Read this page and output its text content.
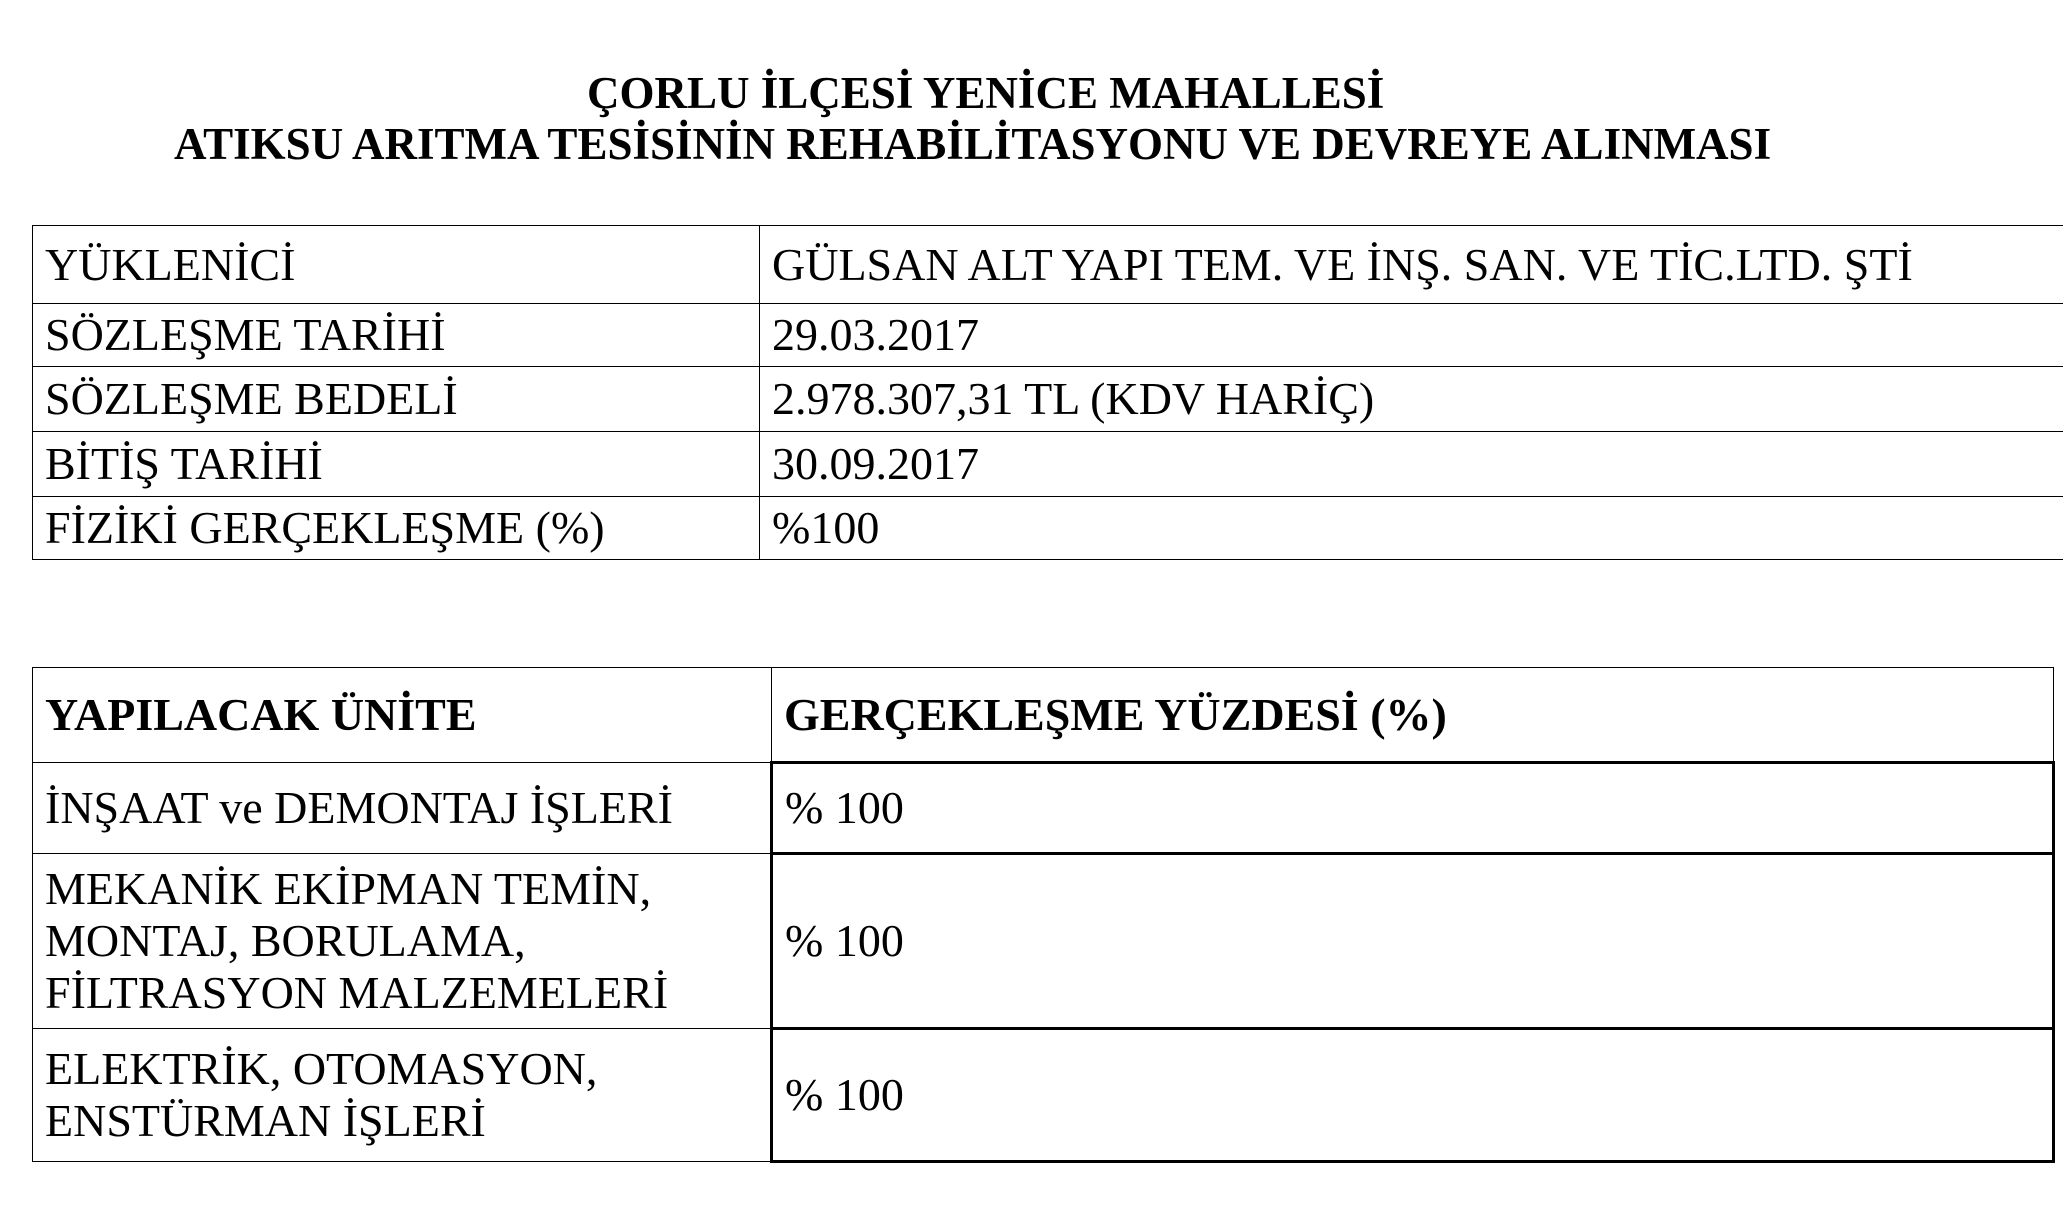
ÇORLU İLÇESİ YENİCE MAHALLESİ
ATIKSU ARITMA TESİSİNİN REHABİLİTASYONU VE DEVREYE ALINMASI
YÜKLENİCİ	GÜLSAN ALT YAPI TEM. VE İNŞ. SAN. VE TİC.LTD. ŞTİ
SÖZLEŞME TARİHİ	29.03.2017
SÖZLEŞME BEDELİ	2.978.307,31 TL (KDV HARİÇ)
BİTİŞ TARİHİ	30.09.2017
FİZİKİ GERÇEKLEŞME (%)	%100
YAPILACAK ÜNİTE	GERÇEKLEŞME YÜZDESİ (%)

İNŞAAT ve DEMONTAJ İŞLERİ	% 100

MEKANİK EKİPMAN TEMİN,
MONTAJ, BORULAMA,
FİLTRASYON MALZEMELERİ	% 100

ELEKTRİK, OTOMASYON,
ENSTÜRMAN İŞLERİ	% 100
